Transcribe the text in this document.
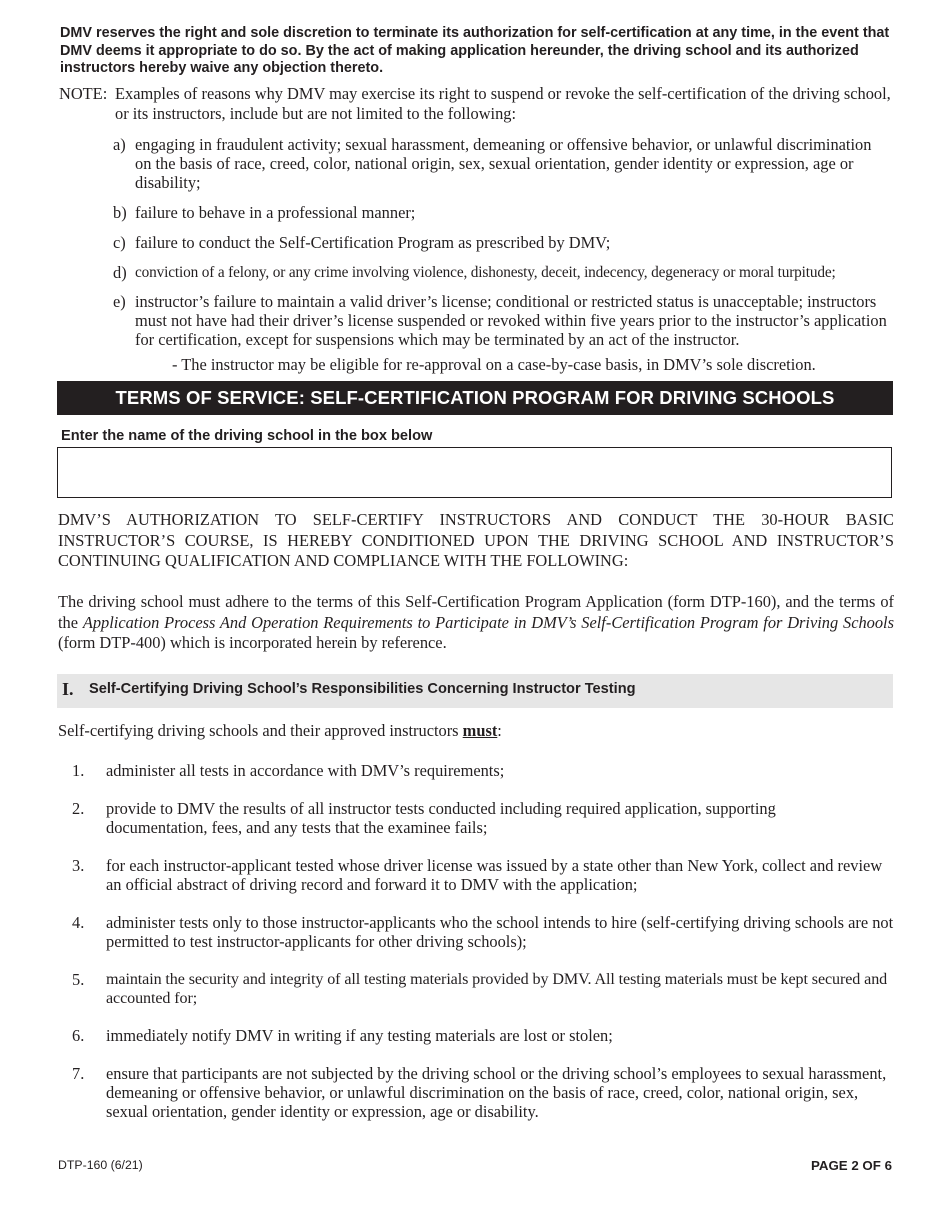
DMV reserves the right and sole discretion to terminate its authorization for self-certification at any time, in the event that DMV deems it appropriate to do so. By the act of making application hereunder, the driving school and its authorized instructors hereby waive any objection thereto.
NOTE: Examples of reasons why DMV may exercise its right to suspend or revoke the self-certification of the driving school, or its instructors, include but are not limited to the following:
a) engaging in fraudulent activity; sexual harassment, demeaning or offensive behavior, or unlawful discrimination on the basis of race, creed, color, national origin, sex, sexual orientation, gender identity or expression, age or disability;
b) failure to behave in a professional manner;
c) failure to conduct the Self-Certification Program as prescribed by DMV;
d) conviction of a felony, or any crime involving violence, dishonesty, deceit, indecency, degeneracy or moral turpitude;
e) instructor’s failure to maintain a valid driver’s license; conditional or restricted status is unacceptable; instructors must not have had their driver’s license suspended or revoked within five years prior to the instructor’s application for certification, except for suspensions which may be terminated by an act of the instructor.
- The instructor may be eligible for re-approval on a case-by-case basis, in DMV’s sole discretion.
TERMS OF SERVICE: SELF-CERTIFICATION PROGRAM FOR DRIVING SCHOOLS
Enter the name of the driving school in the box below
DMV’S AUTHORIZATION TO SELF-CERTIFY INSTRUCTORS AND CONDUCT THE 30-HOUR BASIC INSTRUCTOR’S COURSE, IS HEREBY CONDITIONED UPON THE DRIVING SCHOOL AND INSTRUCTOR’S CONTINUING QUALIFICATION AND COMPLIANCE WITH THE FOLLOWING:
The driving school must adhere to the terms of this Self-Certification Program Application (form DTP-160), and the terms of the Application Process And Operation Requirements to Participate in DMV’s Self-Certification Program for Driving Schools (form DTP-400) which is incorporated herein by reference.
I. Self-Certifying Driving School’s Responsibilities Concerning Instructor Testing
Self-certifying driving schools and their approved instructors must:
1. administer all tests in accordance with DMV’s requirements;
2. provide to DMV the results of all instructor tests conducted including required application, supporting documentation, fees, and any tests that the examinee fails;
3. for each instructor-applicant tested whose driver license was issued by a state other than New York, collect and review an official abstract of driving record and forward it to DMV with the application;
4. administer tests only to those instructor-applicants who the school intends to hire (self-certifying driving schools are not permitted to test instructor-applicants for other driving schools);
5. maintain the security and integrity of all testing materials provided by DMV. All testing materials must be kept secured and accounted for;
6. immediately notify DMV in writing if any testing materials are lost or stolen;
7. ensure that participants are not subjected by the driving school or the driving school’s employees to sexual harassment, demeaning or offensive behavior, or unlawful discrimination on the basis of race, creed, color, national origin, sex, sexual orientation, gender identity or expression, age or disability.
DTP-160 (6/21)	PAGE 2 OF 6
